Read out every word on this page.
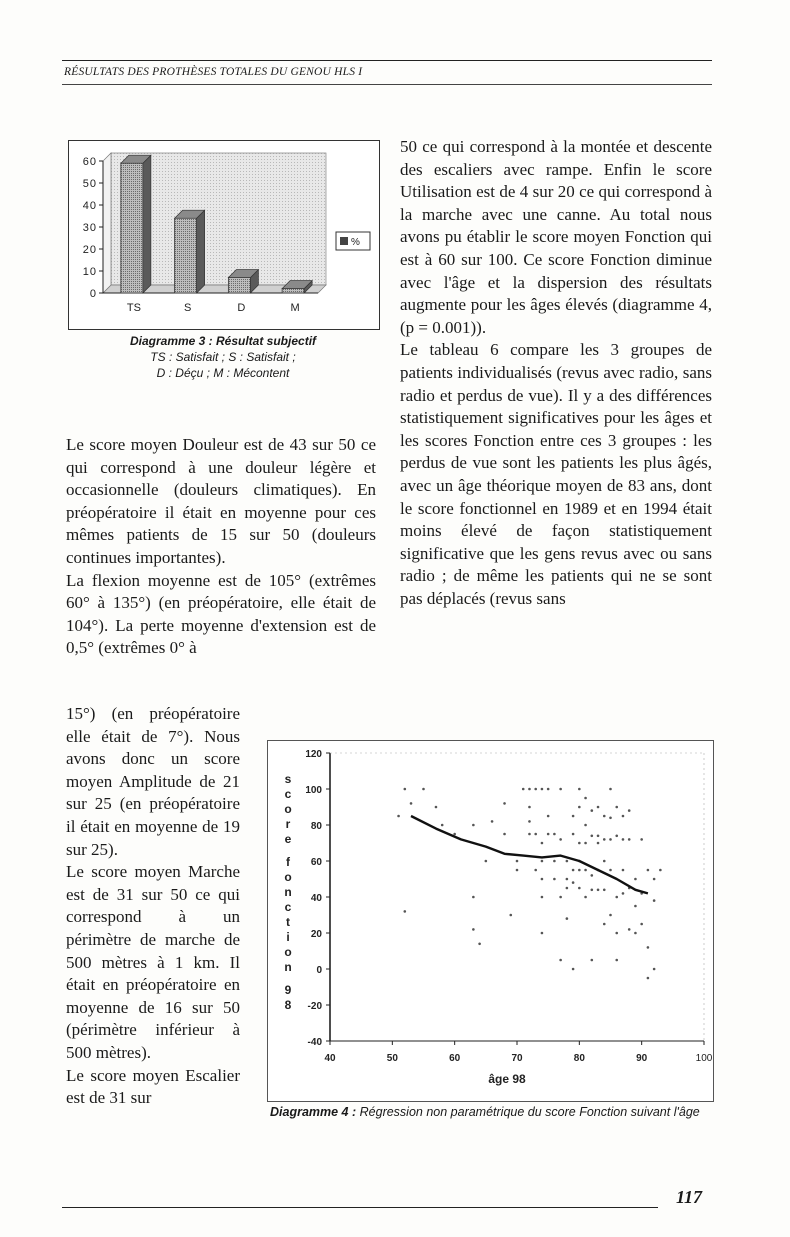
RÉSULTATS DES PROTHÈSES TOTALES DU GENOU HLS I
0
10
20
30
40
50
60
TS	S	D	M
%
Diagramme 3 : Résultat subjectif
TS : Satisfait ; S : Satisfait ;
D : Déçu ; M : Mécontent

Le score moyen Douleur est de 43 sur 50 ce qui correspond à une douleur légère et occasionnelle (douleurs climatiques). En préopératoire il était en moyenne pour ces mêmes patients de 15 sur 50 (douleurs continues importantes).

La flexion moyenne est de 105° (extrêmes 60° à 135°) (en préopératoire, elle était de 104°). La perte moyenne d'extension est de 0,5° (extrêmes 0° à

15°) (en préopératoire elle était de 7°). Nous avons donc un score moyen Amplitude de 21 sur 25 (en préopératoire il était en moyenne de 19 sur 25).

Le score moyen Marche est de 31 sur 50 ce qui correspond à un périmètre de marche de 500 mètres à 1 km. Il était en préopératoire en moyenne de 16 sur 50 (périmètre inférieur à 500 mètres).

Le score moyen Escalier est de 31 sur

50 ce qui correspond à la montée et descente des escaliers avec rampe. Enfin le score Utilisation est de 4 sur 20 ce qui correspond à la marche avec une canne. Au total nous avons pu établir le score moyen Fonction qui est à 60 sur 100. Ce score Fonction diminue avec l'âge et la dispersion des résultats augmente pour les âges élevés (diagramme 4, (p = 0.001)).

Le tableau 6 compare les 3 groupes de patients individualisés (revus avec radio, sans radio et perdus de vue). Il y a des différences statistiquement significatives pour les âges et les scores Fonction entre ces 3 groupes : les perdus de vue sont les patients les plus âgés, avec un âge théorique moyen de 83 ans, dont le score fonctionnel en 1989 et en 1994 était moins élevé de façon statistiquement significative que les gens revus avec ou sans radio ; de même les patients qui ne se sont pas déplacés (revus sans

-40
-20
0
20
40
60
80
100
120
40	50	60	70	80	90	100
âge 98
s
c
o
r
e
f
o
n
c
t
i
o
n
9
8
Diagramme 4 : Régression non paramétrique du score Fonction suivant l'âge
117
